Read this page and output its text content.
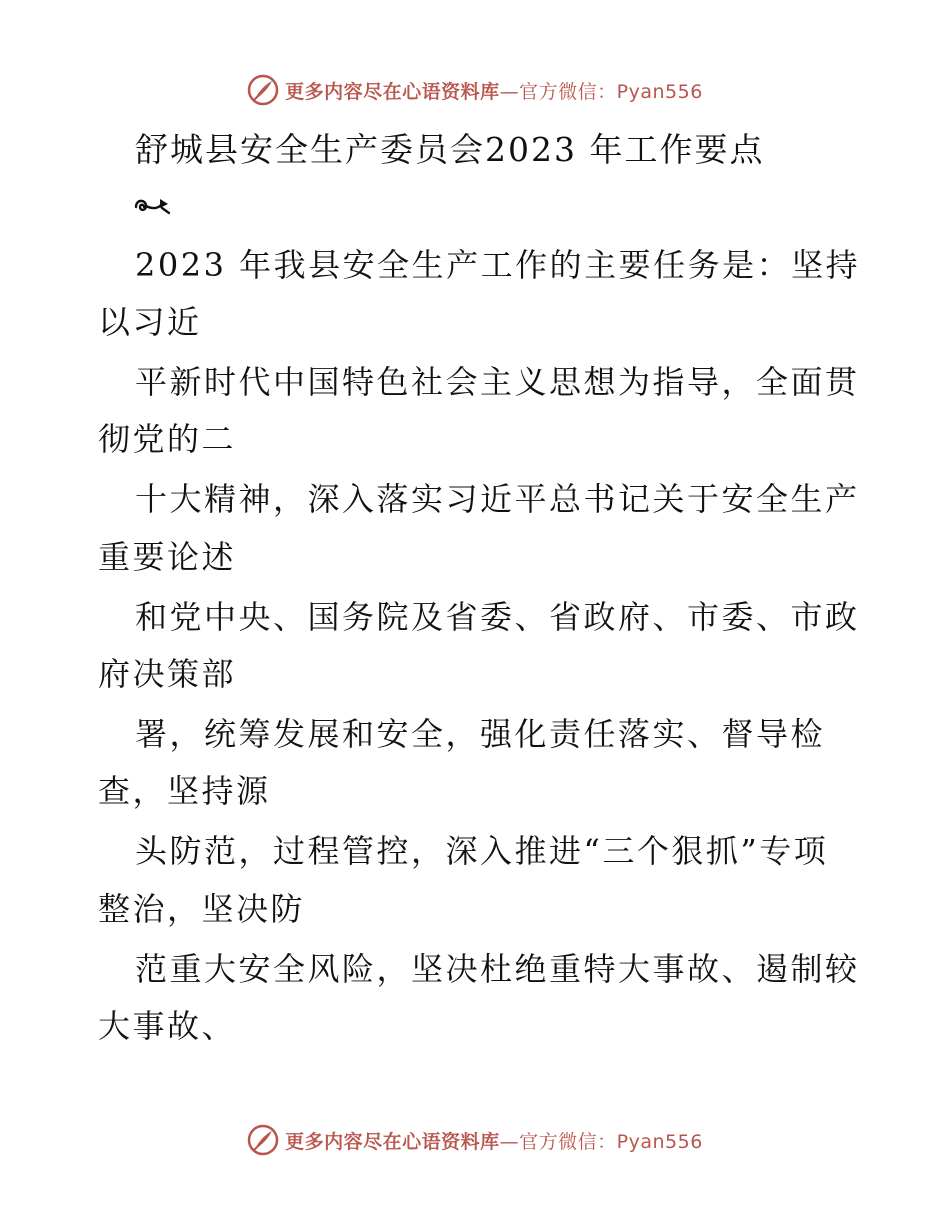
更多内容尽在心语资料库—官方微信：Pyan556
舒城县安全生产委员会2023 年工作要点
2023 年我县安全生产工作的主要任务是：坚持
以习近
平新时代中国特色社会主义思想为指导，全面贯
彻党的二
十大精神，深入落实习近平总书记关于安全生产
重要论述
和党中央、国务院及省委、省政府、市委、市政
府决策部
署，统筹发展和安全，强化责任落实、督导检
查，坚持源
头防范，过程管控，深入推进“三个狠抓”专项
整治，坚决防
范重大安全风险，坚决杜绝重特大事故、遏制较
大事故、
更多内容尽在心语资料库—官方微信：Pyan556
